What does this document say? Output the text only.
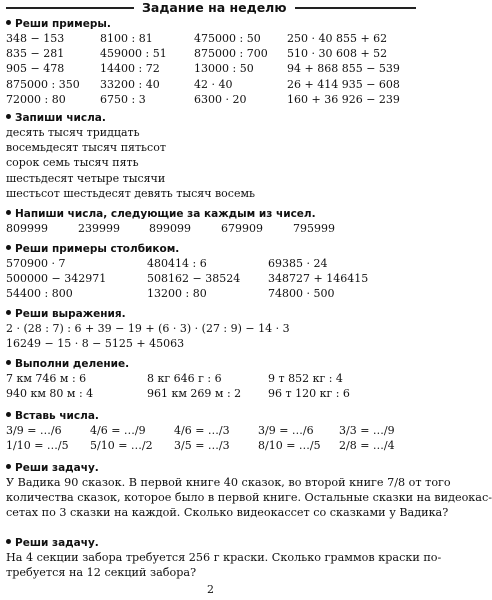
Задание на неделю
Реши примеры.
348 − 153	8100 : 81	475000 : 50 250 · 40 855 + 62
835 − 281	459000 : 51 875000 : 700 510 · 30 608 + 52
905 − 478	14400 : 72	13000 : 50	94 + 868 855 − 539
875000 : 350 33200 : 40	42 · 40	26 + 414 935 − 608
72000 : 80	6750 : 3	6300 · 20	160 + 36 926 − 239
Запиши числа.
десять тысяч тридцать
восемьдесят тысяч пятьсот
сорок семь тысяч пять
шестьдесят четыре тысячи
шестьсот шестьдесят девять тысяч восемь
Напиши числа, следующие за каждым из чисел.
809999	239999	899099	679909	795999
Реши примеры столбиком.
570900 · 7	480414 : 6	69385 · 24
500000 − 342971	508162 − 38524	348727 + 146415
54400 : 800	13200 : 80	74800 · 500
Реши выражения.
2 · (28 : 7) : 6 + 39 − 19 + (6 · 3) · (27 : 9) − 14 · 3
16249 − 15 · 8 − 5125 + 45063
Выполни деление.
7 км 746 м : 6	8 кг 646 г : 6	9 т 852 кг : 4
940 км 80 м : 4	961 км 269 м : 2 96 т 120 кг : 6
Вставь числа.
3/9 = …/6	4/6 = …/9	4/6 = …/3	3/9 = …/6 3/3 = …/9
1/10 = …/5 5/10 = …/2 3/5 = …/3	8/10 = …/5 2/8 = …/4
Реши задачу.
У Вадика 90 сказок. В первой книге 40 сказок, во второй книге 7/8 от того
количества сказок, которое было в первой книге. Остальные сказки на видеокас-
сетах по 3 сказки на каждой. Сколько видеокассет со сказками у Вадика?
Реши задачу.
На 4 секции забора требуется 256 г краски. Сколько граммов краски по-
требуется на 12 секций забора?
2
